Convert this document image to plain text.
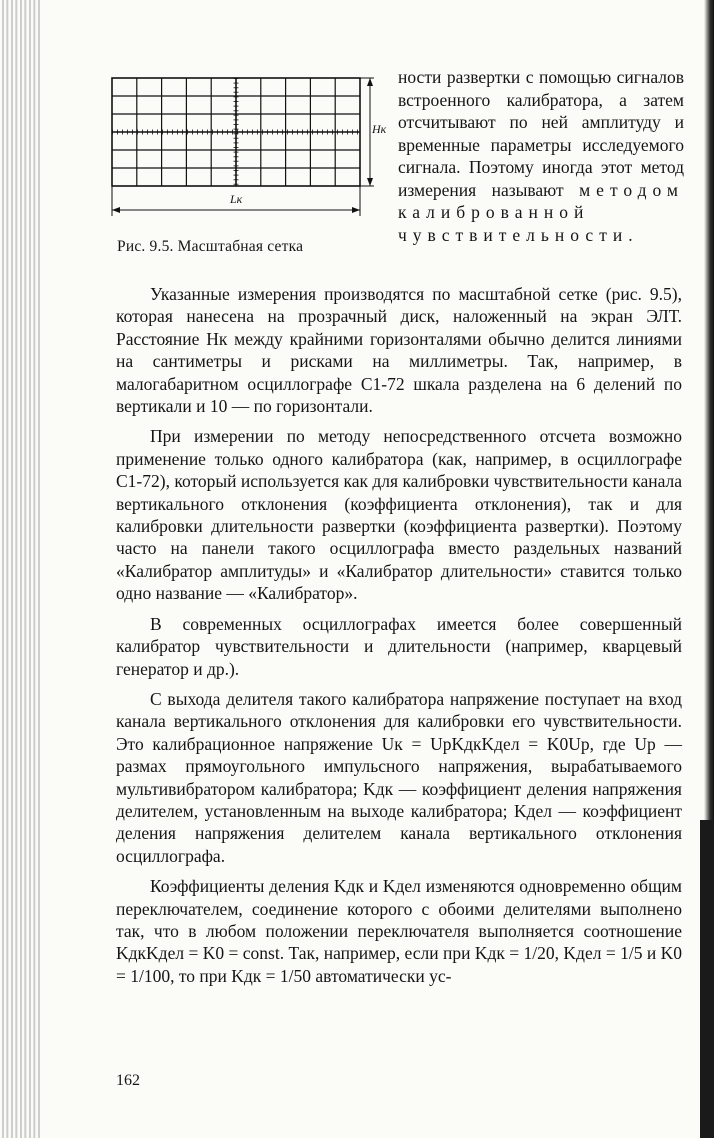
Hк
Lк
Рис. 9.5. Масштабная сетка

ности развертки с помощью сигналов встроенного калибратора, а затем отсчитывают по ней амплитуду и временные параметры исследуемого сигнала. Поэтому иногда этот метод измерения называют методом калиброванной чувствительности.

Указанные измерения производятся по масштабной сетке (рис. 9.5), которая нанесена на прозрачный диск, наложенный на экран ЭЛТ. Расстояние Hк между крайними горизонталями обычно делится линиями на сантиметры и рисками на миллиметры. Так, например, в малогабаритном осциллографе С1-72 шкала разделена на 6 делений по вертикали и 10 — по горизонтали.

При измерении по методу непосредственного отсчета возможно применение только одного калибратора (как, например, в осциллографе С1-72), который используется как для калибровки чувствительности канала вертикального отклонения (коэффициента отклонения), так и для калибровки длительности развертки (коэффициента развертки). Поэтому часто на панели такого осциллографа вместо раздельных названий «Калибратор амплитуды» и «Калибратор длительности» ставится только одно название — «Калибратор».

В современных осциллографах имеется более совершенный калибратор чувствительности и длительности (например, кварцевый генератор и др.).

С выхода делителя такого калибратора напряжение поступает на вход канала вертикального отклонения для калибровки его чувствительности. Это калибрационное напряжение Uк = UрKдкKдел = K0Uр, где Uр — размах прямоугольного импульсного напряжения, вырабатываемого мультивибратором калибратора; Kдк — коэффициент деления напряжения делителем, установленным на выходе калибратора; Kдел — коэффициент деления напряжения делителем канала вертикального отклонения осциллографа.

Коэффициенты деления Kдк и Kдел изменяются одновременно общим переключателем, соединение которого с обоими делителями выполнено так, что в любом положении переключателя выполняется соотношение KдкKдел = K0 = const. Так, например, если при Kдк = 1/20, Kдел = 1/5 и K0 = 1/100, то при Kдк = 1/50 автоматически ус-

162
